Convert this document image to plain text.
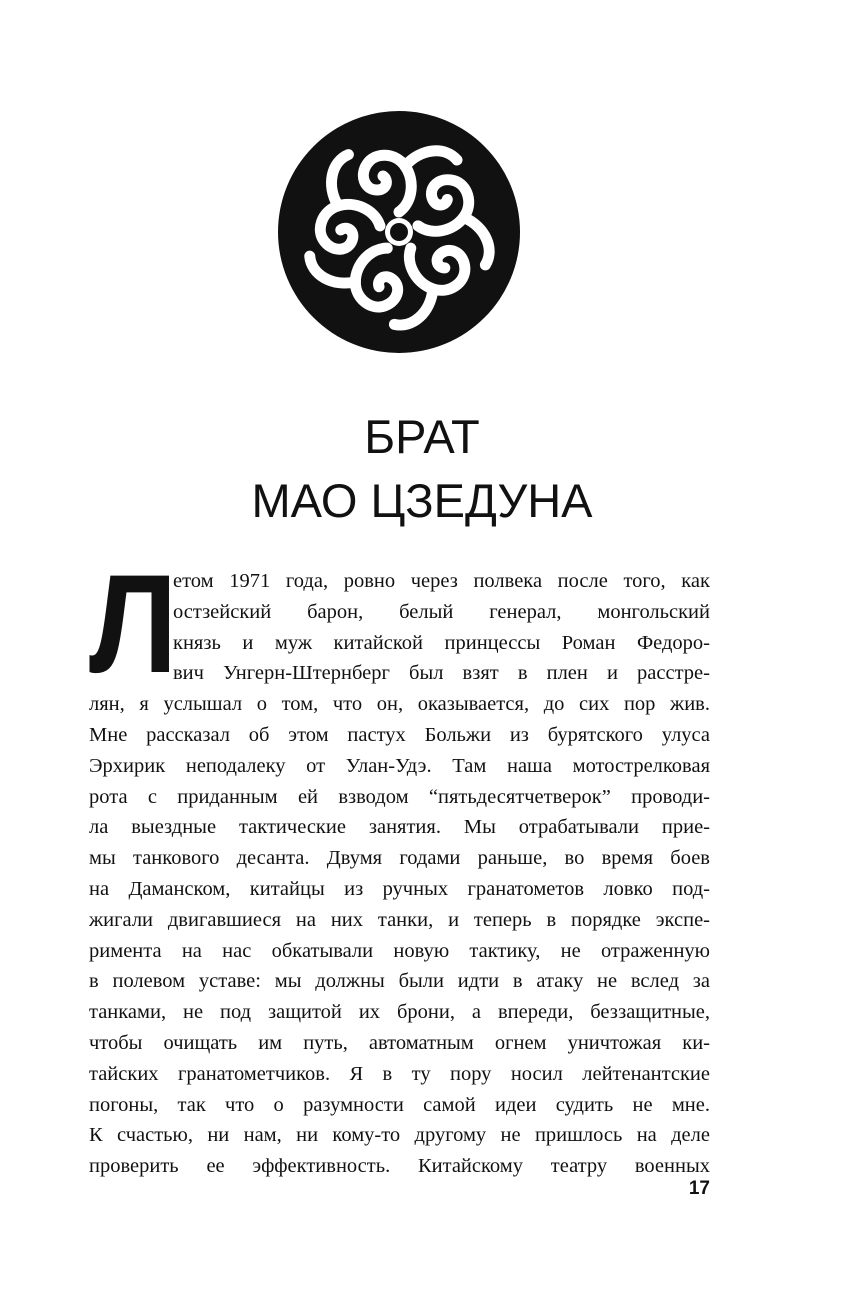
БРАТ
МАО ЦЗЕДУНА
Л
етом 1971 года, ровно через полвека после того, как
остзейский барон, белый генерал, монгольский
князь и муж китайской принцессы Роман Федоро-
вич Унгерн-Штернберг был взят в плен и расстре-
лян, я услышал о том, что он, оказывается, до сих пор жив.
Мне рассказал об этом пастух Больжи из бурятского улуса
Эрхирик неподалеку от Улан-Удэ. Там наша мотострелковая
рота с приданным ей взводом “пятьдесятчетверок” проводи-
ла выездные тактические занятия. Мы отрабатывали прие-
мы танкового десанта. Двумя годами раньше, во время боев
на Даманском, китайцы из ручных гранатометов ловко под-
жигали двигавшиеся на них танки, и теперь в порядке экспе-
римента на нас обкатывали новую тактику, не отраженную
в полевом уставе: мы должны были идти в атаку не вслед за
танками, не под защитой их брони, а впереди, беззащитные,
чтобы очищать им путь, автоматным огнем уничтожая ки-
тайских гранатометчиков. Я в ту пору носил лейтенантские
погоны, так что о разумности самой идеи судить не мне.
К счастью, ни нам, ни кому-то другому не пришлось на деле
проверить ее эффективность. Китайскому театру военных
17
